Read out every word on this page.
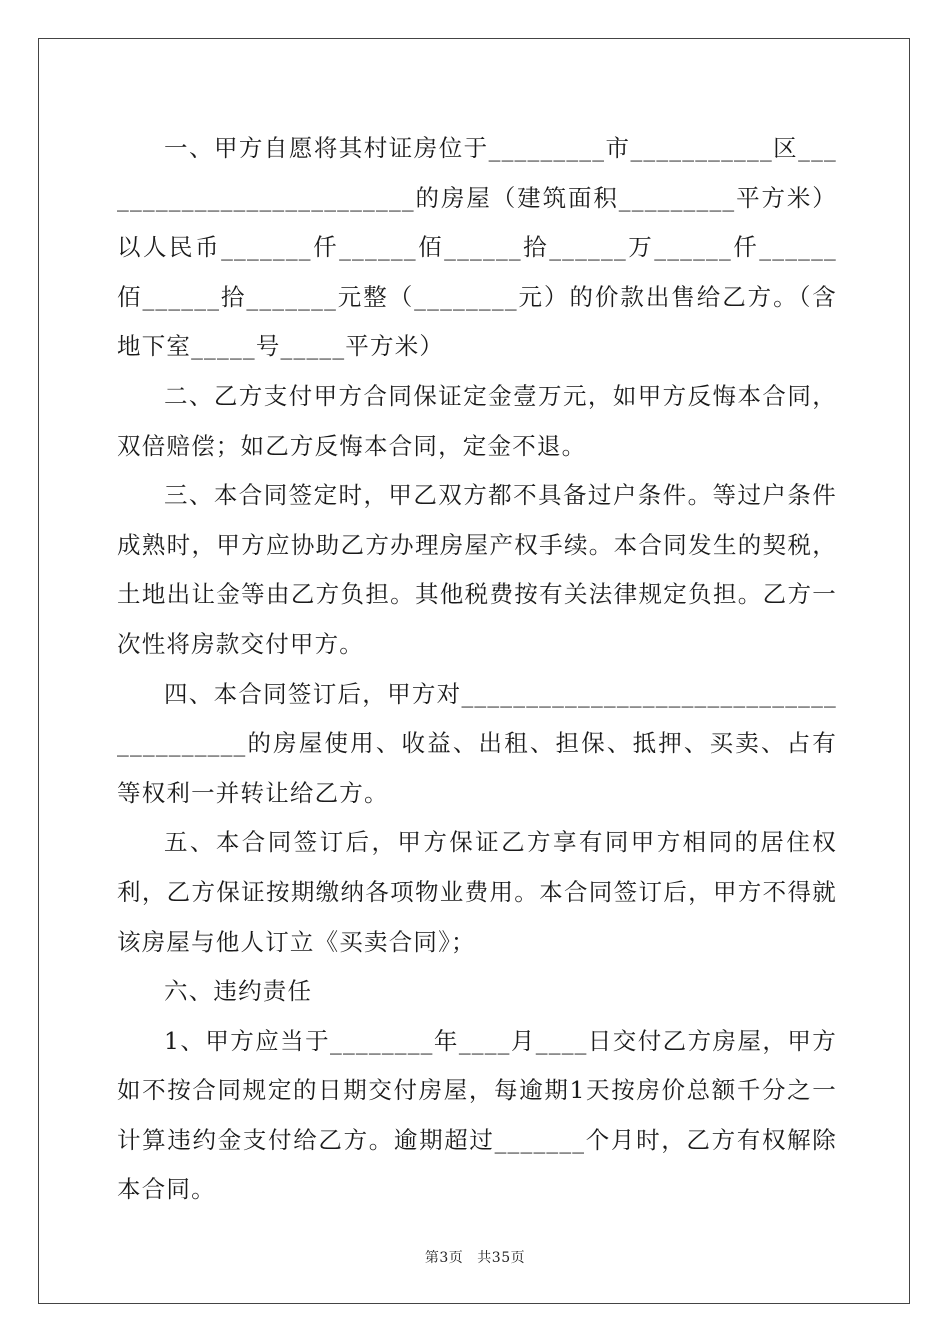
一、甲方自愿将其村证房位于_________市___________区__________________________的房屋（建筑面积_________平方米）以人民币_______仟______佰______拾______万______仟______佰______拾_______元整（________元）的价款出售给乙方。（含地下室_____号_____平方米）

二、乙方支付甲方合同保证定金壹万元，如甲方反悔本合同，双倍赔偿；如乙方反悔本合同，定金不退。

三、本合同签定时，甲乙双方都不具备过户条件。等过户条件成熟时，甲方应协助乙方办理房屋产权手续。本合同发生的契税，土地出让金等由乙方负担。其他税费按有关法律规定负担。乙方一次性将房款交付甲方。

四、本合同签订后，甲方对_______________________________________的房屋使用、收益、出租、担保、抵押、买卖、占有等权利一并转让给乙方。

五、本合同签订后，甲方保证乙方享有同甲方相同的居住权利，乙方保证按期缴纳各项物业费用。本合同签订后，甲方不得就该房屋与他人订立《买卖合同》；

六、违约责任

1、甲方应当于________年____月____日交付乙方房屋，甲方如不按合同规定的日期交付房屋，每逾期1天按房价总额千分之一计算违约金支付给乙方。逾期超过_______个月时，乙方有权解除本合同。

第3页 共35页
